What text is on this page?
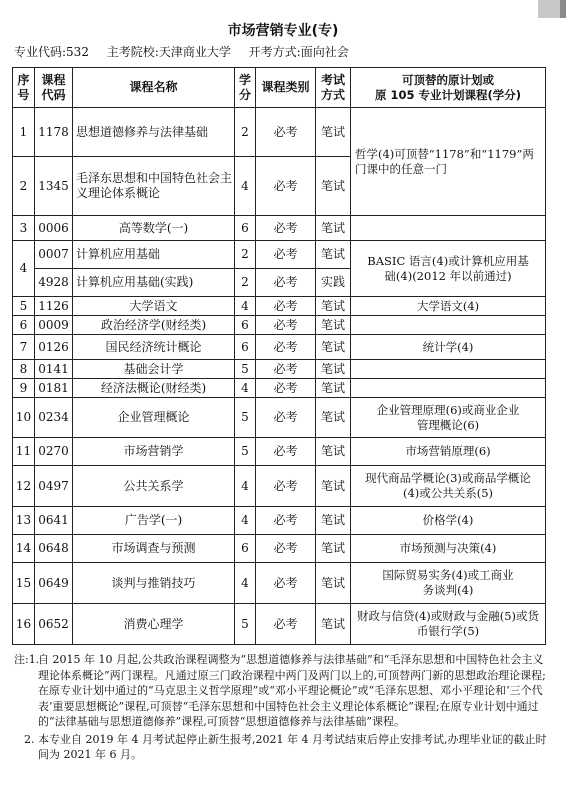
市场营销专业(专)
专业代码:532 主考院校:天津商业大学 开考方式:面向社会
序号	课程代码	课程名称	学分	课程类别	考试方式	可顶替的原计划或
原 105 专业计划课程(学分)

1	1178	思想道德修养与法律基础	2	必考	笔试	哲学(4)可顶替“1178”和“1179”两门课中的任意一门
2	1345	毛泽东思想和中国特色社会主义理论体系概论	4	必考	笔试	
3	0006	高等数学(一)	6	必考	笔试	
4	0007	计算机应用基础	2	必考	笔试	BASIC 语言(4)或计算机应用基础(4)(2012 年以前通过)
	4928	计算机应用基础(实践)	2	必考	实践	
5	1126	大学语文	4	必考	笔试	大学语文(4)
6	0009	政治经济学(财经类)	6	必考	笔试	
7	0126	国民经济统计概论	6	必考	笔试	统计学(4)
8	0141	基础会计学	5	必考	笔试	
9	0181	经济法概论(财经类)	4	必考	笔试	
10	0234	企业管理概论	5	必考	笔试	企业管理原理(6)或商业企业管理概论(6)
11	0270	市场营销学	5	必考	笔试	市场营销原理(6)
12	0497	公共关系学	4	必考	笔试	现代商品学概论(3)或商品学概论(4)或公共关系(5)
13	0641	广告学(一)	4	必考	笔试	价格学(4)
14	0648	市场调查与预测	6	必考	笔试	市场预测与决策(4)
15	0649	谈判与推销技巧	4	必考	笔试	国际贸易实务(4)或工商业务谈判(4)
16	0652	消费心理学	5	必考	笔试	财政与信贷(4)或财政与金融(5)或货币银行学(5)
注:1.
自 2015 年 10 月起,公共政治课程调整为“思想道德修养与法律基础”和“毛泽东思想和中国特色社会主义理论体系概论”两门课程。凡通过原三门政治课程中两门及两门以上的,可顶替两门新的思想政治理论课程;在原专业计划中通过的“马克思主义哲学原理”或“邓小平理论概论”或“毛泽东思想、邓小平理论和‘三个代表’重要思想概论”课程,可顶替“毛泽东思想和中国特色社会主义理论体系概论”课程;在原专业计划中通过的“法律基础与思想道德修养”课程,可顶替“思想道德修养与法律基础”课程。
2. 本专业自 2019 年 4 月考试起停止新生报考,2021 年 4 月考试结束后停止安排考试,办理毕业证的截止时间为 2021 年 6 月。
